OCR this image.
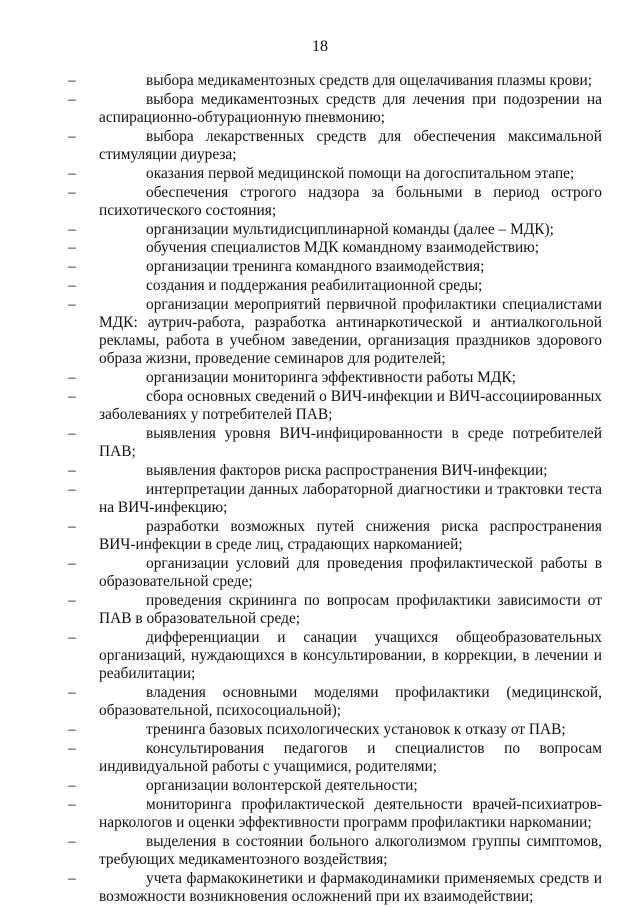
18
–	выбора медикаментозных средств для ощелачивания плазмы крови;
–	выбора медикаментозных средств для лечения при подозрении на аспирационно-обтурационную пневмонию;
–	выбора лекарственных средств для обеспечения максимальной стимуляции диуреза;
–	оказания первой медицинской помощи на догоспитальном этапе;
–	обеспечения строгого надзора за больными в период острого психотического состояния;
–	организации мультидисциплинарной команды (далее – МДК);
–	обучения специалистов МДК командному взаимодействию;
–	организации тренинга командного взаимодействия;
–	создания и поддержания реабилитационной среды;
–	организации мероприятий первичной профилактики специалистами МДК: аутрич-работа, разработка антинаркотической и антиалкогольной рекламы, работа в учебном заведении, организация праздников здорового образа жизни, проведение семинаров для родителей;
–	организации мониторинга эффективности работы МДК;
–	сбора основных сведений о ВИЧ-инфекции и ВИЧ-ассоциированных заболеваниях у потребителей ПАВ;
–	выявления уровня ВИЧ-инфицированности в среде потребителей ПАВ;
–	выявления факторов риска распространения ВИЧ-инфекции;
–	интерпретации данных лабораторной диагностики и трактовки теста на ВИЧ-инфекцию;
–	разработки возможных путей снижения риска распространения ВИЧ-инфекции в среде лиц, страдающих наркоманией;
–	организации условий для проведения профилактической работы в образовательной среде;
–	проведения скрининга по вопросам профилактики зависимости от ПАВ в образовательной среде;
–	дифференциации и санации учащихся общеобразовательных организаций, нуждающихся в консультировании, в коррекции, в лечении и реабилитации;
–	владения основными моделями профилактики (медицинской, образовательной, психосоциальной);
–	тренинга базовых психологических установок к отказу от ПАВ;
–	консультирования педагогов и специалистов по вопросам индивидуальной работы с учащимися, родителями;
–	организации волонтерской деятельности;
–	мониторинга профилактической деятельности врачей-психиатров-наркологов и оценки эффективности программ профилактики наркомании;
–	выделения в состоянии больного алкоголизмом группы симптомов, требующих медикаментозного воздействия;
–	учета фармакокинетики и фармакодинамики применяемых средств и возможности возникновения осложнений при их взаимодействии;
